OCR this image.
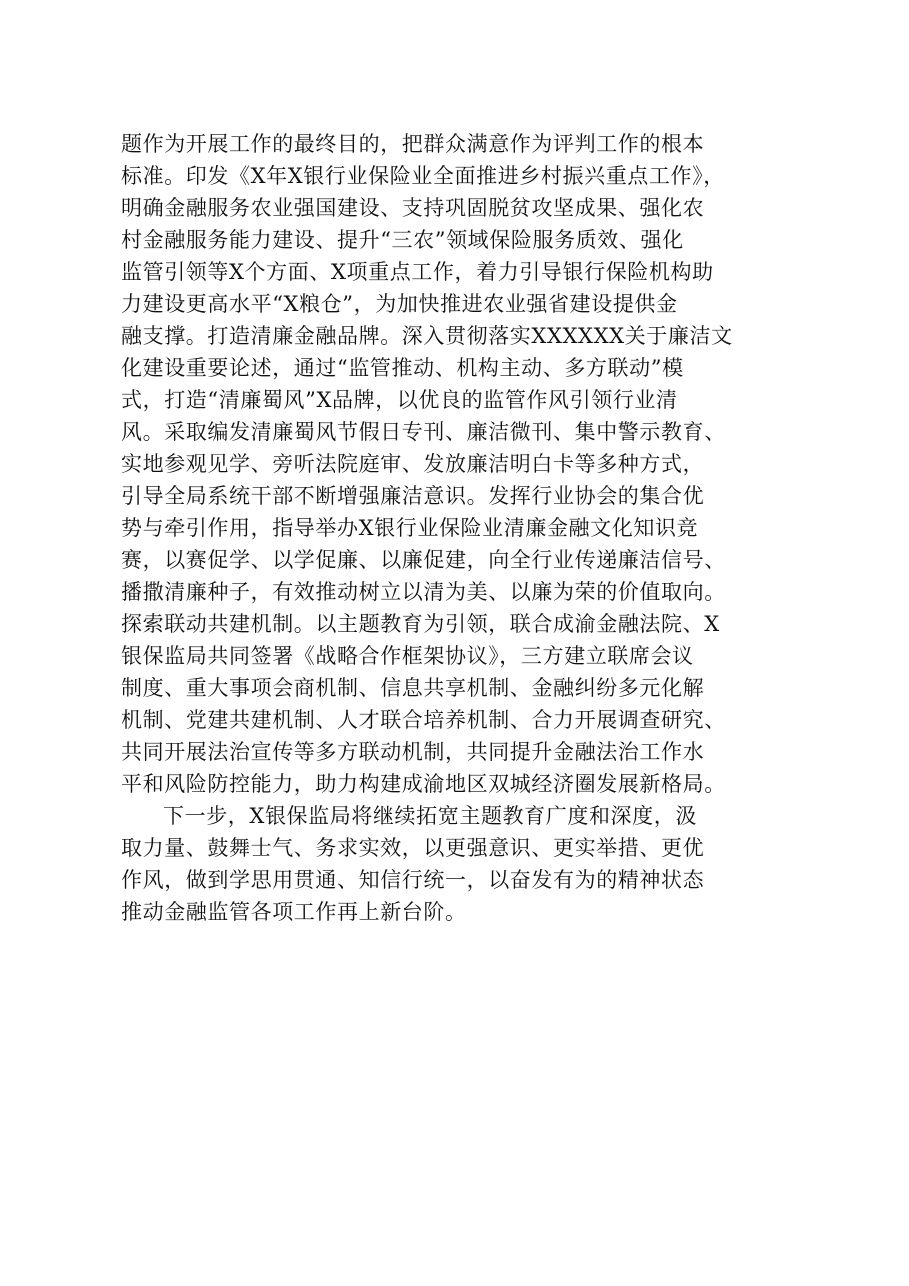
题作为开展工作的最终目的，把群众满意作为评判工作的根本
标准。印发《X年X银行业保险业全面推进乡村振兴重点工作》，
明确金融服务农业强国建设、支持巩固脱贫攻坚成果、强化农
村金融服务能力建设、提升“三农”领域保险服务质效、强化
监管引领等X个方面、X项重点工作，着力引导银行保险机构助
力建设更高水平“X粮仓”，为加快推进农业强省建设提供金
融支撑。打造清廉金融品牌。深入贯彻落实XXXXXX关于廉洁文
化建设重要论述，通过“监管推动、机构主动、多方联动”模
式，打造“清廉蜀风”X品牌，以优良的监管作风引领行业清
风。采取编发清廉蜀风节假日专刊、廉洁微刊、集中警示教育、
实地参观见学、旁听法院庭审、发放廉洁明白卡等多种方式，
引导全局系统干部不断增强廉洁意识。发挥行业协会的集合优
势与牵引作用，指导举办X银行业保险业清廉金融文化知识竞
赛，以赛促学、以学促廉、以廉促建，向全行业传递廉洁信号、
播撒清廉种子，有效推动树立以清为美、以廉为荣的价值取向。
探索联动共建机制。以主题教育为引领，联合成渝金融法院、X
银保监局共同签署《战略合作框架协议》，三方建立联席会议
制度、重大事项会商机制、信息共享机制、金融纠纷多元化解
机制、党建共建机制、人才联合培养机制、合力开展调查研究、
共同开展法治宣传等多方联动机制，共同提升金融法治工作水
平和风险防控能力，助力构建成渝地区双城经济圈发展新格局。
下一步，X银保监局将继续拓宽主题教育广度和深度，汲
取力量、鼓舞士气、务求实效，以更强意识、更实举措、更优
作风，做到学思用贯通、知信行统一，以奋发有为的精神状态
推动金融监管各项工作再上新台阶。
